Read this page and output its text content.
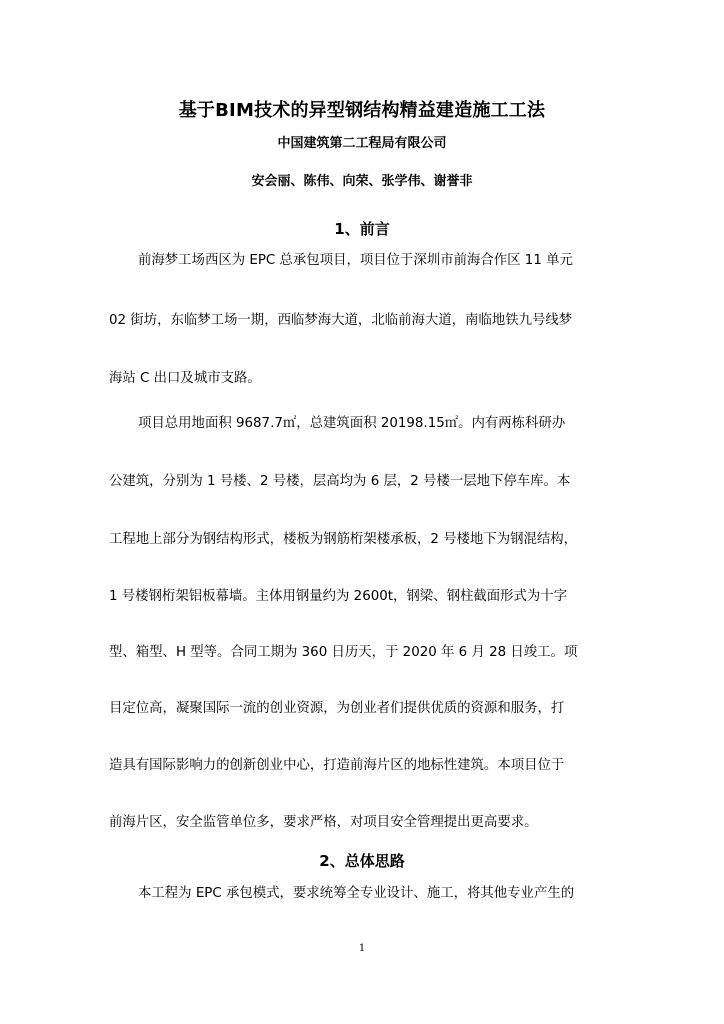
基于BIM技术的异型钢结构精益建造施工工法
中国建筑第二工程局有限公司
安会丽、陈伟、向荣、张学伟、谢誉非
1、前言
前海梦工场西区为 EPC 总承包项目，项目位于深圳市前海合作区 11 单元
02 街坊，东临梦工场一期，西临梦海大道，北临前海大道，南临地铁九号线梦
海站 C 出口及城市支路。
项目总用地面积 9687.7㎡，总建筑面积 20198.15㎡。内有两栋科研办
公建筑，分别为 1 号楼、2 号楼，层高均为 6 层，2 号楼一层地下停车库。本
工程地上部分为钢结构形式，楼板为钢筋桁架楼承板，2 号楼地下为钢混结构，
1 号楼钢桁架铝板幕墙。主体用钢量约为 2600t，钢梁、钢柱截面形式为十字
型、箱型、H 型等。合同工期为 360 日历天，于 2020 年 6 月 28 日竣工。项
目定位高，凝聚国际一流的创业资源，为创业者们提供优质的资源和服务，打
造具有国际影响力的创新创业中心，打造前海片区的地标性建筑。本项目位于
前海片区，安全监管单位多，要求严格，对项目安全管理提出更高要求。
2、总体思路
本工程为 EPC 承包模式，要求统筹全专业设计、施工，将其他专业产生的
1
